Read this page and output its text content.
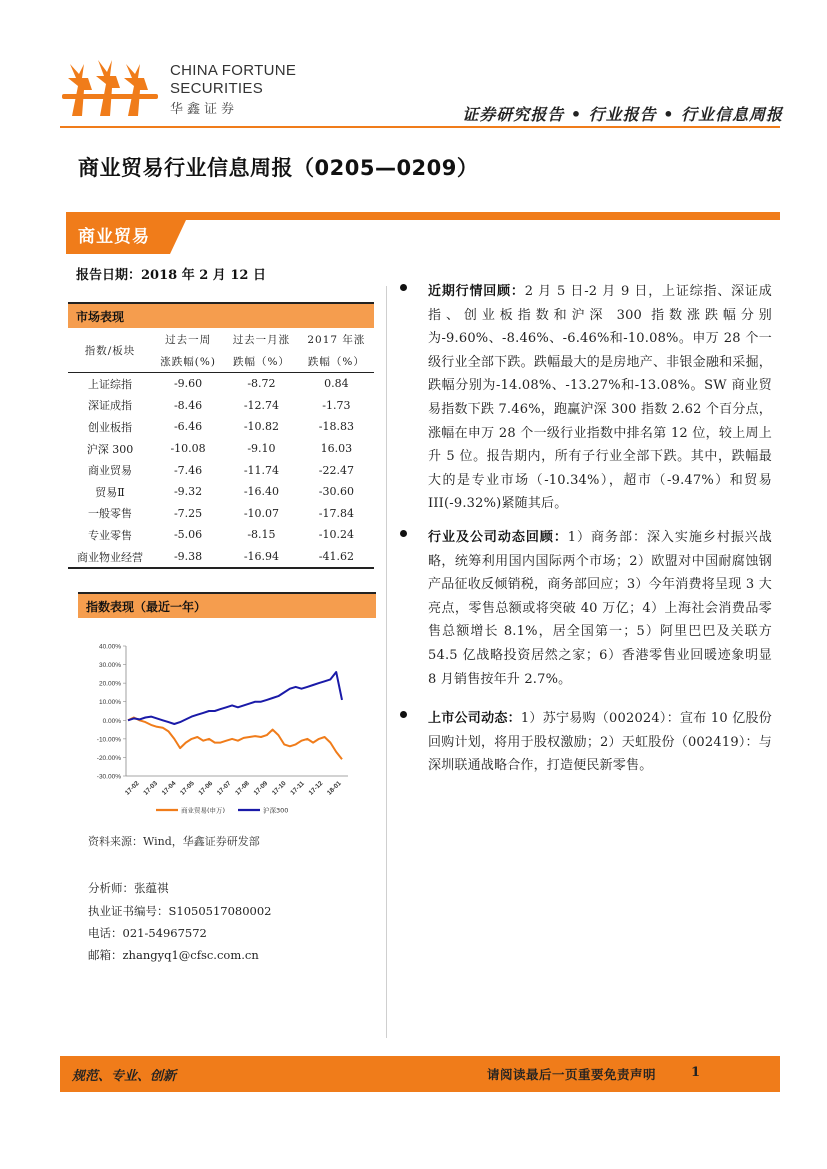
CHINA FORTUNE
SECURITIES
华鑫证券	证券研究报告 • 行业报告 • 行业信息周报
商业贸易行业信息周报（0205—0209）
商业贸易
报告日期：2018 年 2 月 12 日
市场表现
指数/板块	过去一周	过去一月涨	2017 年涨
	涨跌幅(%)	跌幅（%）	跌幅（%）
上证综指	-9.60	-8.72	0.84
深证成指	-8.46	-12.74	-1.73
创业板指	-6.46	-10.82	-18.83
沪深 300	-10.08	-9.10	16.03
商业贸易	-7.46	-11.74	-22.47
贸易Ⅱ	-9.32	-16.40	-30.60
一般零售	-7.25	-10.07	-17.84
专业零售	-5.06	-8.15	-10.24
商业物业经营	-9.38	-16.94	-41.62
指数表现（最近一年）
40.00%
30.00%
20.00%
10.00%
0.00%
-10.00%
-20.00%
-30.00%
17-02 17-03 17-04 17-05 17-06 17-07 17-08 17-09 17-10 17-11 17-12 18-01
商业贸易(申万)	沪深300
资料来源：Wind，华鑫证券研发部
分析师：张蕴祺
执业证书编号：S1050517080002
电话：021-54967572
邮箱：zhangyq1@cfsc.com.cn
近期行情回顾：2 月 5 日-2 月 9 日，上证综指、深证成指、创业板指数和沪深 300 指数涨跌幅分别为-9.60%、-8.46%、-6.46%和-10.08%。申万 28 个一级行业全部下跌。跌幅最大的是房地产、非银金融和采掘，跌幅分别为-14.08%、-13.27%和-13.08%。SW 商业贸易指数下跌 7.46%，跑赢沪深 300 指数 2.62 个百分点，涨幅在申万 28 个一级行业指数中排名第 12 位，较上周上升 5 位。报告期内，所有子行业全部下跌。其中，跌幅最大的是专业市场（-10.34%），超市（-9.47%）和贸易III(-9.32%)紧随其后。
行业及公司动态回顾：1）商务部：深入实施乡村振兴战略，统筹利用国内国际两个市场；2）欧盟对中国耐腐蚀钢产品征收反倾销税，商务部回应；3）今年消费将呈现 3 大亮点，零售总额或将突破 40 万亿；4）上海社会消费品零售总额增长 8.1%，居全国第一；5）阿里巴巴及关联方 54.5 亿战略投资居然之家；6）香港零售业回暖迹象明显 8 月销售按年升 2.7%。
上市公司动态：1）苏宁易购（002024）：宣布 10 亿股份回购计划，将用于股权激励；2）天虹股份（002419）：与深圳联通战略合作，打造便民新零售。
规范、专业、创新	请阅读最后一页重要免责声明	1
